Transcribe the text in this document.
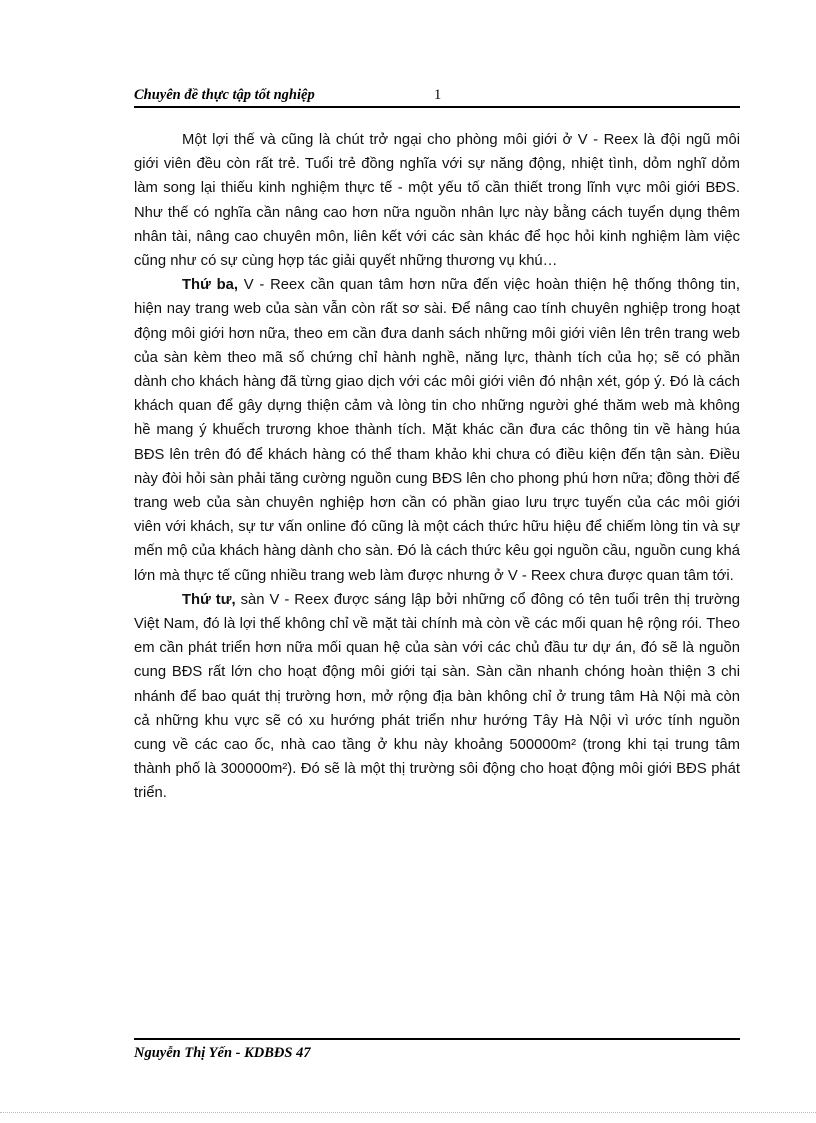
Chuyên đề thực tập tốt nghiệp	1

Một lợi thế và cũng là chút trở ngại cho phòng môi giới ở V - Reex là đội ngũ môi giới viên đều còn rất trẻ. Tuổi trẻ đồng nghĩa với sự năng động, nhiệt tình, dỏm nghĩ dỏm làm song lại thiếu kinh nghiệm thực tế - một yếu tố cần thiết trong lĩnh vực môi giới BĐS. Như thế có nghĩa cần nâng cao hơn nữa nguồn nhân lực này bằng cách tuyển dụng thêm nhân tài, nâng cao chuyên môn, liên kết với các sàn khác để học hỏi kinh nghiệm làm việc cũng như có sự cùng hợp tác giải quyết những thương vụ khú…

Thứ ba, V - Reex cần quan tâm hơn nữa đến việc hoàn thiện hệ thống thông tin, hiện nay trang web của sàn vẫn còn rất sơ sài. Để nâng cao tính chuyên nghiệp trong hoạt động môi giới hơn nữa, theo em cần đưa danh sách những môi giới viên lên trên trang web của sàn kèm theo mã số chứng chỉ hành nghề, năng lực, thành tích của họ; sẽ có phần dành cho khách hàng đã từng giao dịch với các môi giới viên đó nhận xét, góp ý. Đó là cách khách quan để gây dựng thiện cảm và lòng tin cho những người ghé thăm web mà không hề mang ý khuếch trương khoe thành tích. Mặt khác cần đưa các thông tin về hàng húa BĐS lên trên đó để khách hàng có thể tham khảo khi chưa có điều kiện đến tận sàn. Điều này đòi hỏi sàn phải tăng cường nguồn cung BĐS lên cho phong phú hơn nữa; đồng thời để trang web của sàn chuyên nghiệp hơn cần có phần giao lưu trực tuyến của các môi giới viên với khách, sự tư vấn online đó cũng là một cách thức hữu hiệu để chiếm lòng tin và sự mến mộ của khách hàng dành cho sàn. Đó là cách thức kêu gọi nguồn cầu, nguồn cung khá lớn mà thực tế cũng nhiều trang web làm được nhưng ở V - Reex chưa được quan tâm tới.

Thứ tư, sàn V - Reex được sáng lập bởi những cổ đông có tên tuổi trên thị trường Việt Nam, đó là lợi thế không chỉ về mặt tài chính mà còn về các mối quan hệ rộng rói. Theo em cần phát triển hơn nữa mối quan hệ của sàn với các chủ đầu tư dự án, đó sẽ là nguồn cung BĐS rất lớn cho hoạt động môi giới tại sàn. Sàn cần nhanh chóng hoàn thiện 3 chi nhánh để bao quát thị trường hơn, mở rộng địa bàn không chỉ ở trung tâm Hà Nội mà còn cả những khu vực sẽ có xu hướng phát triển như hướng Tây Hà Nội vì ước tính nguồn cung về các cao ốc, nhà cao tầng ở khu này khoảng 500000m² (trong khi tại trung tâm thành phố là 300000m²). Đó sẽ là một thị trường sôi động cho hoạt động môi giới BĐS phát triển.

Nguyễn Thị Yến - KDBĐS 47
